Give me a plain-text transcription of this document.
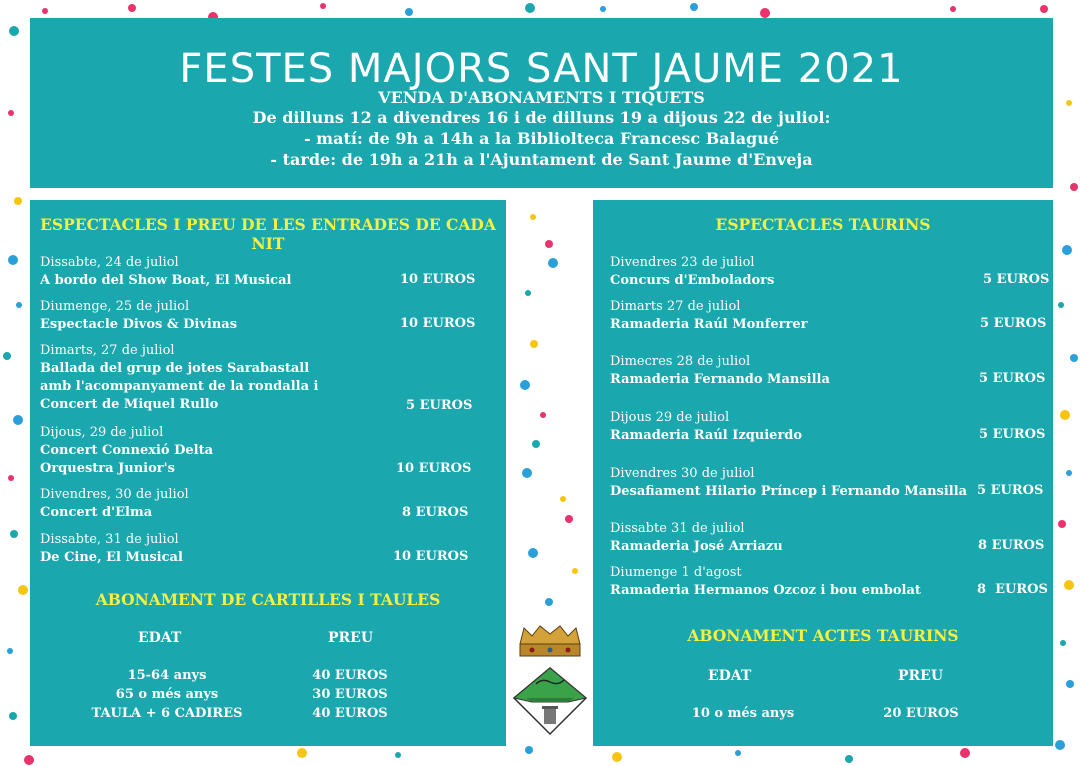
FESTES MAJORS SANT JAUME 2021
VENDA D'ABONAMENTS I TIQUETS
De dilluns 12 a divendres 16 i de dilluns 19 a dijous 22 de juliol:
- matí: de 9h a 14h a la Biblioltecа Francesc Balagué
- tarde: de 19h a 21h a l'Ajuntament de Sant Jaume d'Enveja
ESPECTACLES I PREU DE LES ENTRADES DE CADA NIT
Dissabte, 24 de juliol
A bordo del Show Boat, El Musical	10 EUROS
Diumenge, 25 de juliol
Espectacle Divos & Divinas	10 EUROS
Dimarts, 27 de juliol
Ballada del grup de jotes Sarabastall
amb l'acompanyament de la rondalla i
Concert de Miquel Rullo	5 EUROS
Dijous, 29 de juliol
Concert Connexió Delta
Orquestra Junior's	10 EUROS
Divendres, 30 de juliol
Concert d'Elma	8 EUROS
Dissabte, 31 de juliol
De Cine, El Musical	10 EUROS
ABONAMENT DE CARTILLES I TAULES
EDAT	PREU
15-64 anys	40 EUROS
65 o més anys	30 EUROS
TAULA + 6 CADIRES	40 EUROS
ESPECTACLES TAURINS
Divendres 23 de juliol
Concurs d'Emboladors	5 EUROS
Dimarts 27 de juliol
Ramaderia Raúl Monferrer	5 EUROS
Dimecres 28 de juliol
Ramaderia Fernando Mansilla	5 EUROS
Dijous 29 de juliol
Ramaderia Raúl Izquierdo	5 EUROS
Divendres 30 de juliol
Desafiament Hilario Príncep i Fernando Mansilla 5 EUROS
Dissabte 31 de juliol
Ramaderia José Arriazu	8 EUROS
Diumenge 1 d'agost
Ramaderia Hermanos Ozcoz i bou embolat	8  EUROS
ABONAMENT ACTES TAURINS
EDAT	PREU
10 o més anys	20 EUROS
